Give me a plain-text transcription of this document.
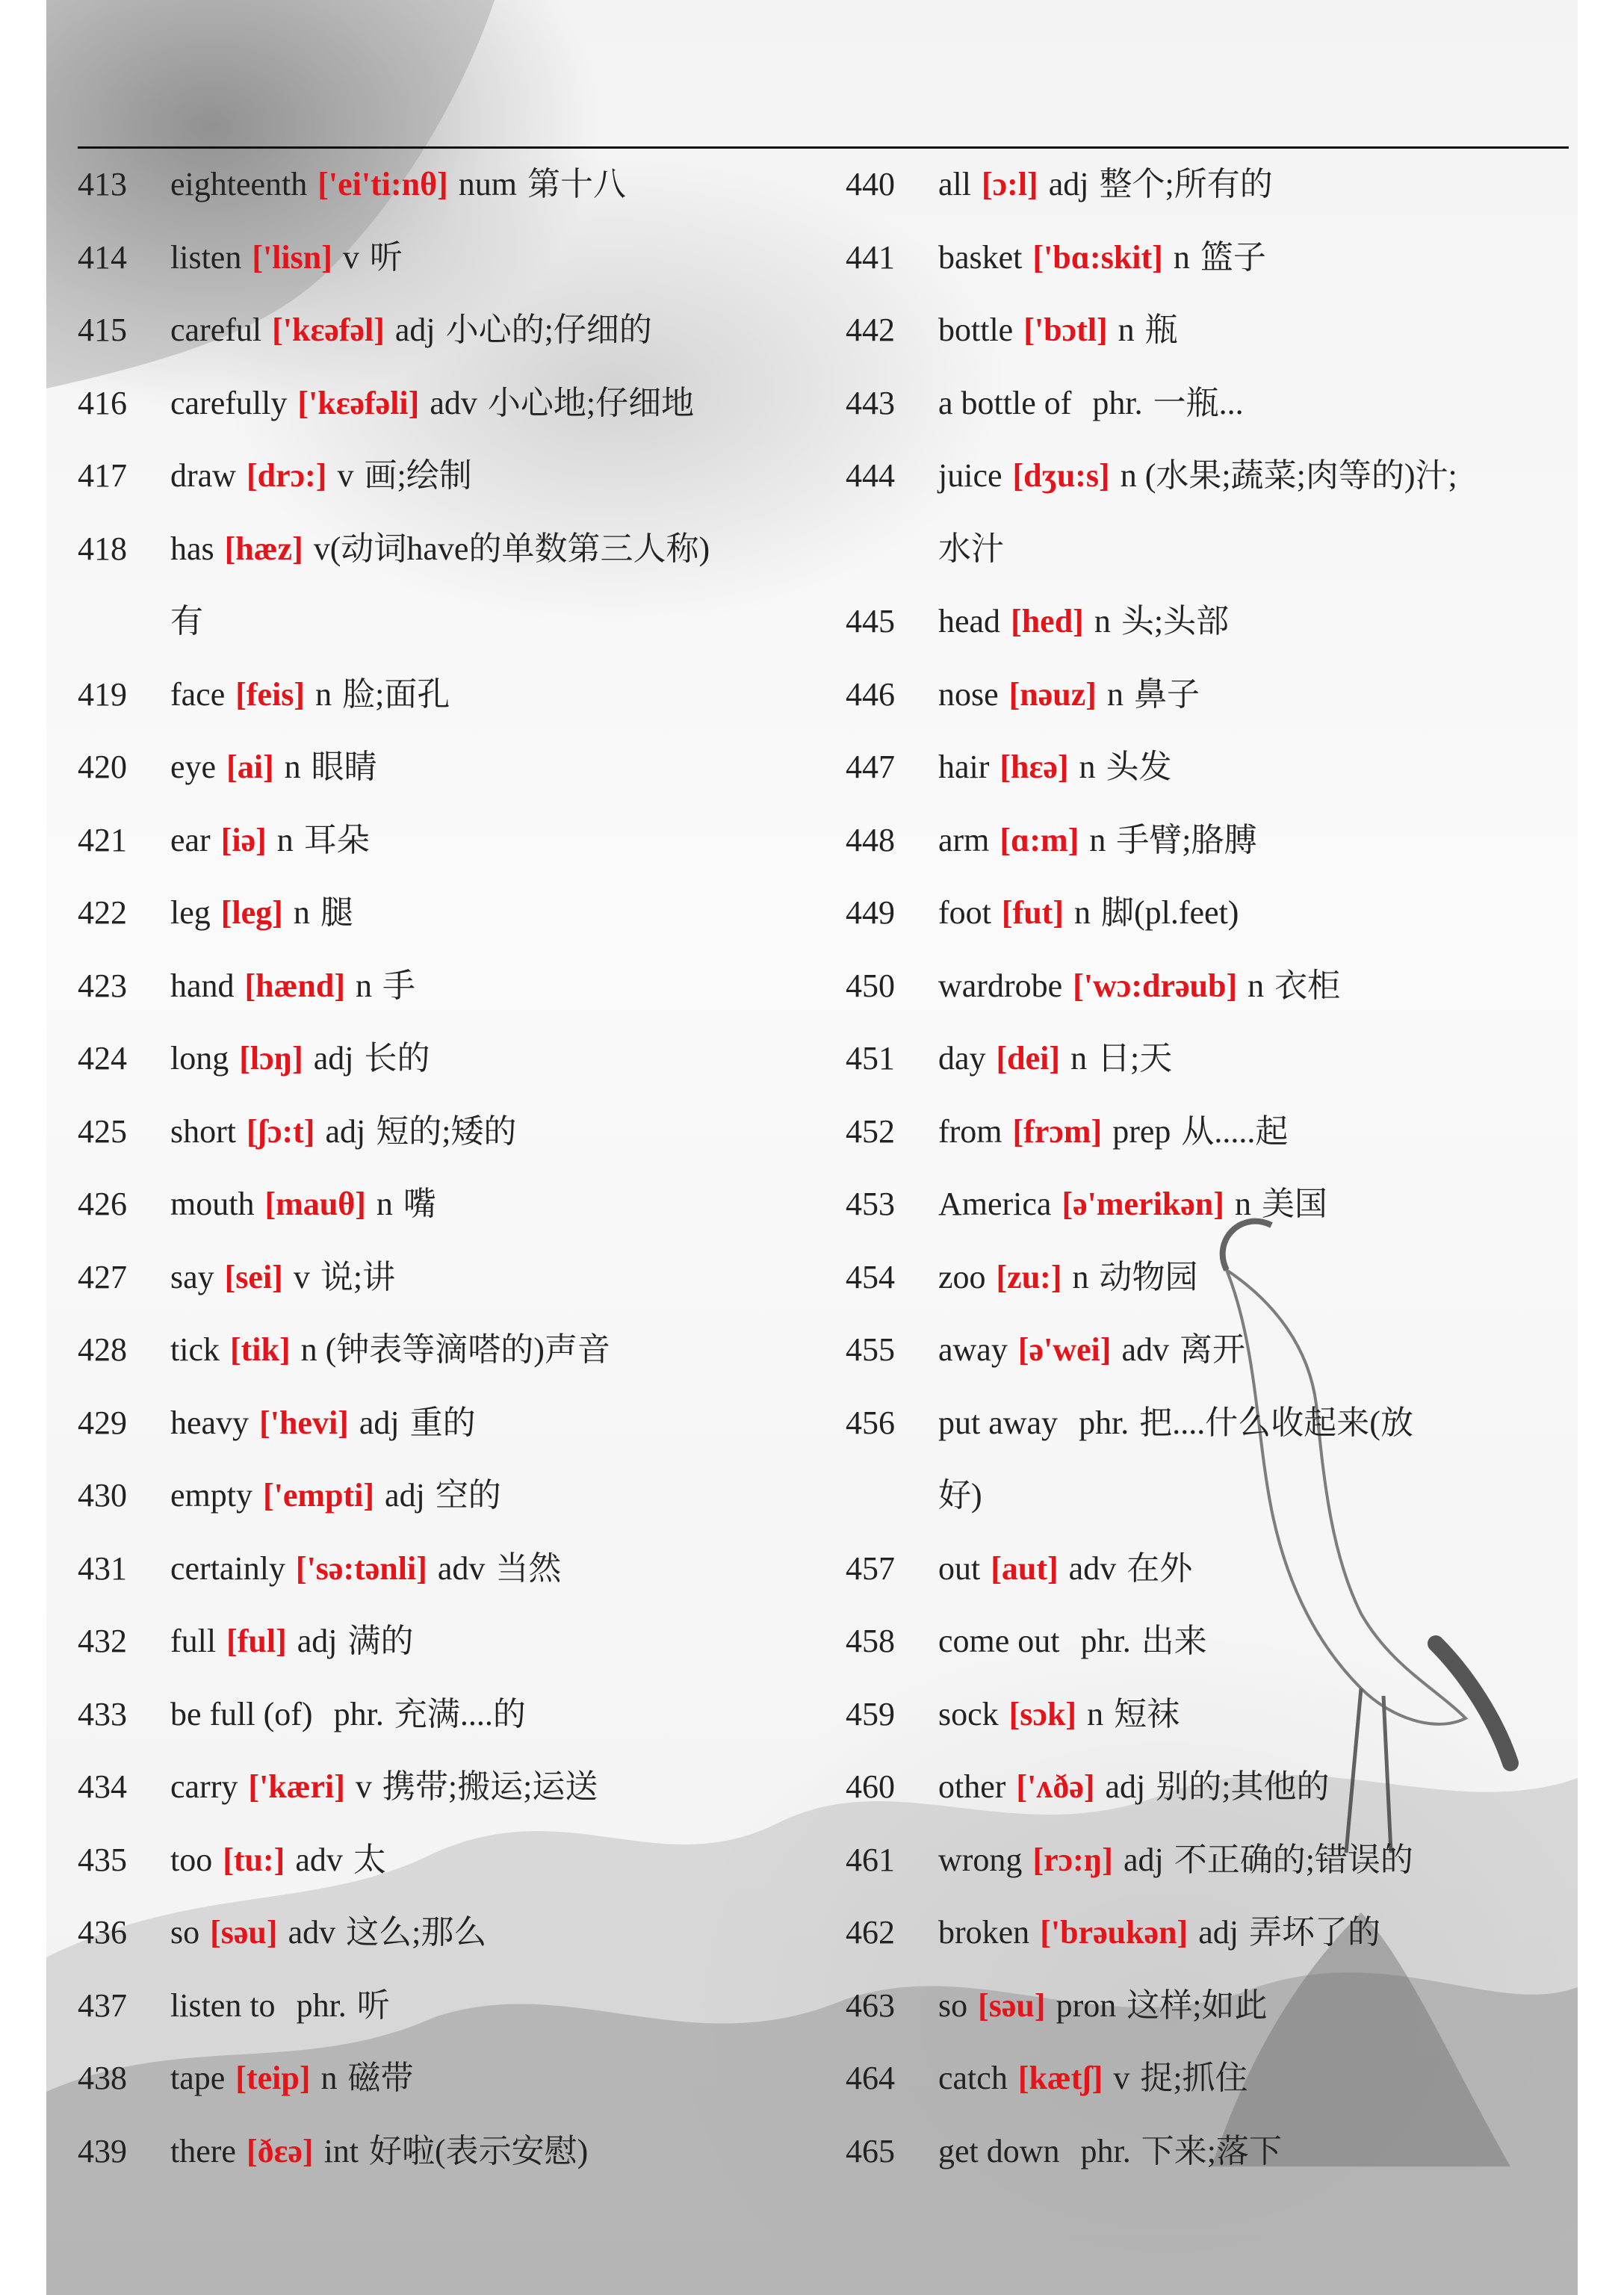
413 eighteenth ['ei'ti:nθ] num 第十八
414 listen ['lisn] v 听
415 careful ['kεəfəl] adj 小心的;仔细的
416 carefully ['kεəfəli] adv 小心地;仔细地
417 draw [drɔ:] v 画;绘制
418 has [hæz] v(动词have的单数第三人称)
有
419 face [feis] n 脸;面孔
420 eye [ai] n 眼睛
421 ear [iə] n 耳朵
422 leg [leg] n 腿
423 hand [hænd] n 手
424 long [lɔŋ] adj 长的
425 short [ʃɔ:t] adj 短的;矮的
426 mouth [mauθ] n 嘴
427 say [sei] v 说;讲
428 tick [tik] n (钟表等滴嗒的)声音
429 heavy ['hevi] adj 重的
430 empty ['empti] adj 空的
431 certainly ['sə:tənli] adv 当然
432 full [ful] adj 满的
433 be full (of) phr. 充满....的
434 carry ['kæri] v 携带;搬运;运送
435 too [tu:] adv 太
436 so [səu] adv 这么;那么
437 listen to phr. 听
438 tape [teip] n 磁带
439 there [ðεə] int 好啦(表示安慰)
440 all [ɔ:l] adj 整个;所有的
441 basket ['bɑ:skit] n 篮子
442 bottle ['bɔtl] n 瓶
443 a bottle of phr. 一瓶...
444 juice [dʒu:s] n (水果;蔬菜;肉等的)汁;
水汁
445 head [hed] n 头;头部
446 nose [nəuz] n 鼻子
447 hair [hεə] n 头发
448 arm [ɑ:m] n 手臂;胳膊
449 foot [fut] n 脚(pl.feet)
450 wardrobe ['wɔ:drəub] n 衣柜
451 day [dei] n 日;天
452 from [frɔm] prep 从.....起
453 America [ə'merikən] n 美国
454 zoo [zu:] n 动物园
455 away [ə'wei] adv 离开
456 put away phr. 把....什么收起来(放
好)
457 out [aut] adv 在外
458 come out phr. 出来
459 sock [sɔk] n 短袜
460 other ['ʌðə] adj 别的;其他的
461 wrong [rɔ:ŋ] adj 不正确的;错误的
462 broken ['brəukən] adj 弄坏了的
463 so [səu] pron 这样;如此
464 catch [kætʃ] v 捉;抓住
465 get down phr. 下来;落下
